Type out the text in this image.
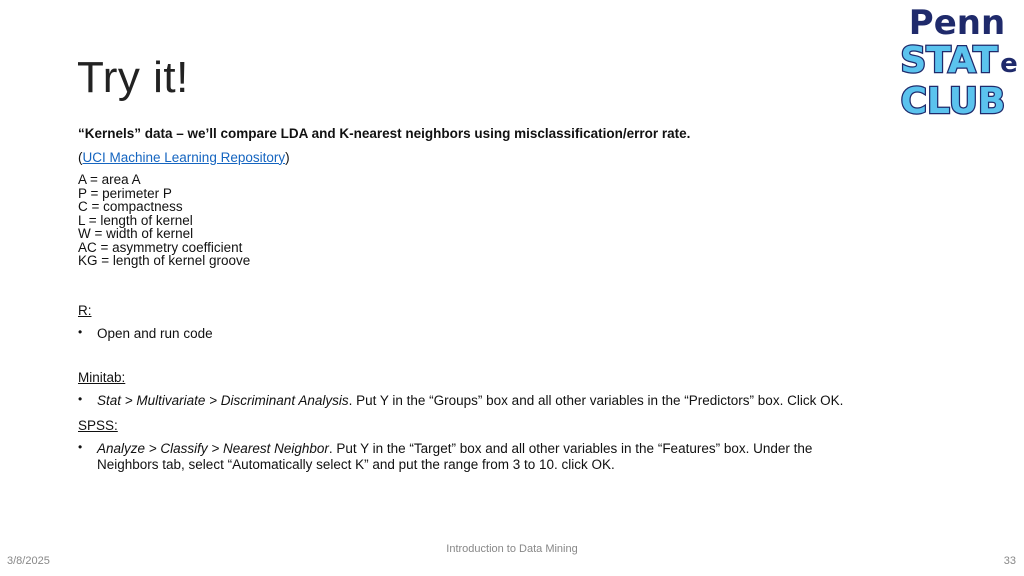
Try it!
Penn
STAT e
CLUB

“Kernels” data – we’ll compare LDA and K-nearest neighbors using misclassification/error rate.

(UCI Machine Learning Repository)

A = area A
P = perimeter P
C = compactness
L = length of kernel
W = width of kernel
AC = asymmetry coefficient
KG = length of kernel groove

R:

•	Open and run code

Minitab:

•	Stat > Multivariate > Discriminant Analysis. Put Y in the “Groups” box and all other variables in the “Predictors” box. Click OK.

SPSS:

•	Analyze > Classify > Nearest Neighbor. Put Y in the “Target” box and all other variables in the “Features” box. Under the
Neighbors tab, select “Automatically select K” and put the range from 3 to 10. click OK.
Introduction to Data Mining
3/8/2025	33
